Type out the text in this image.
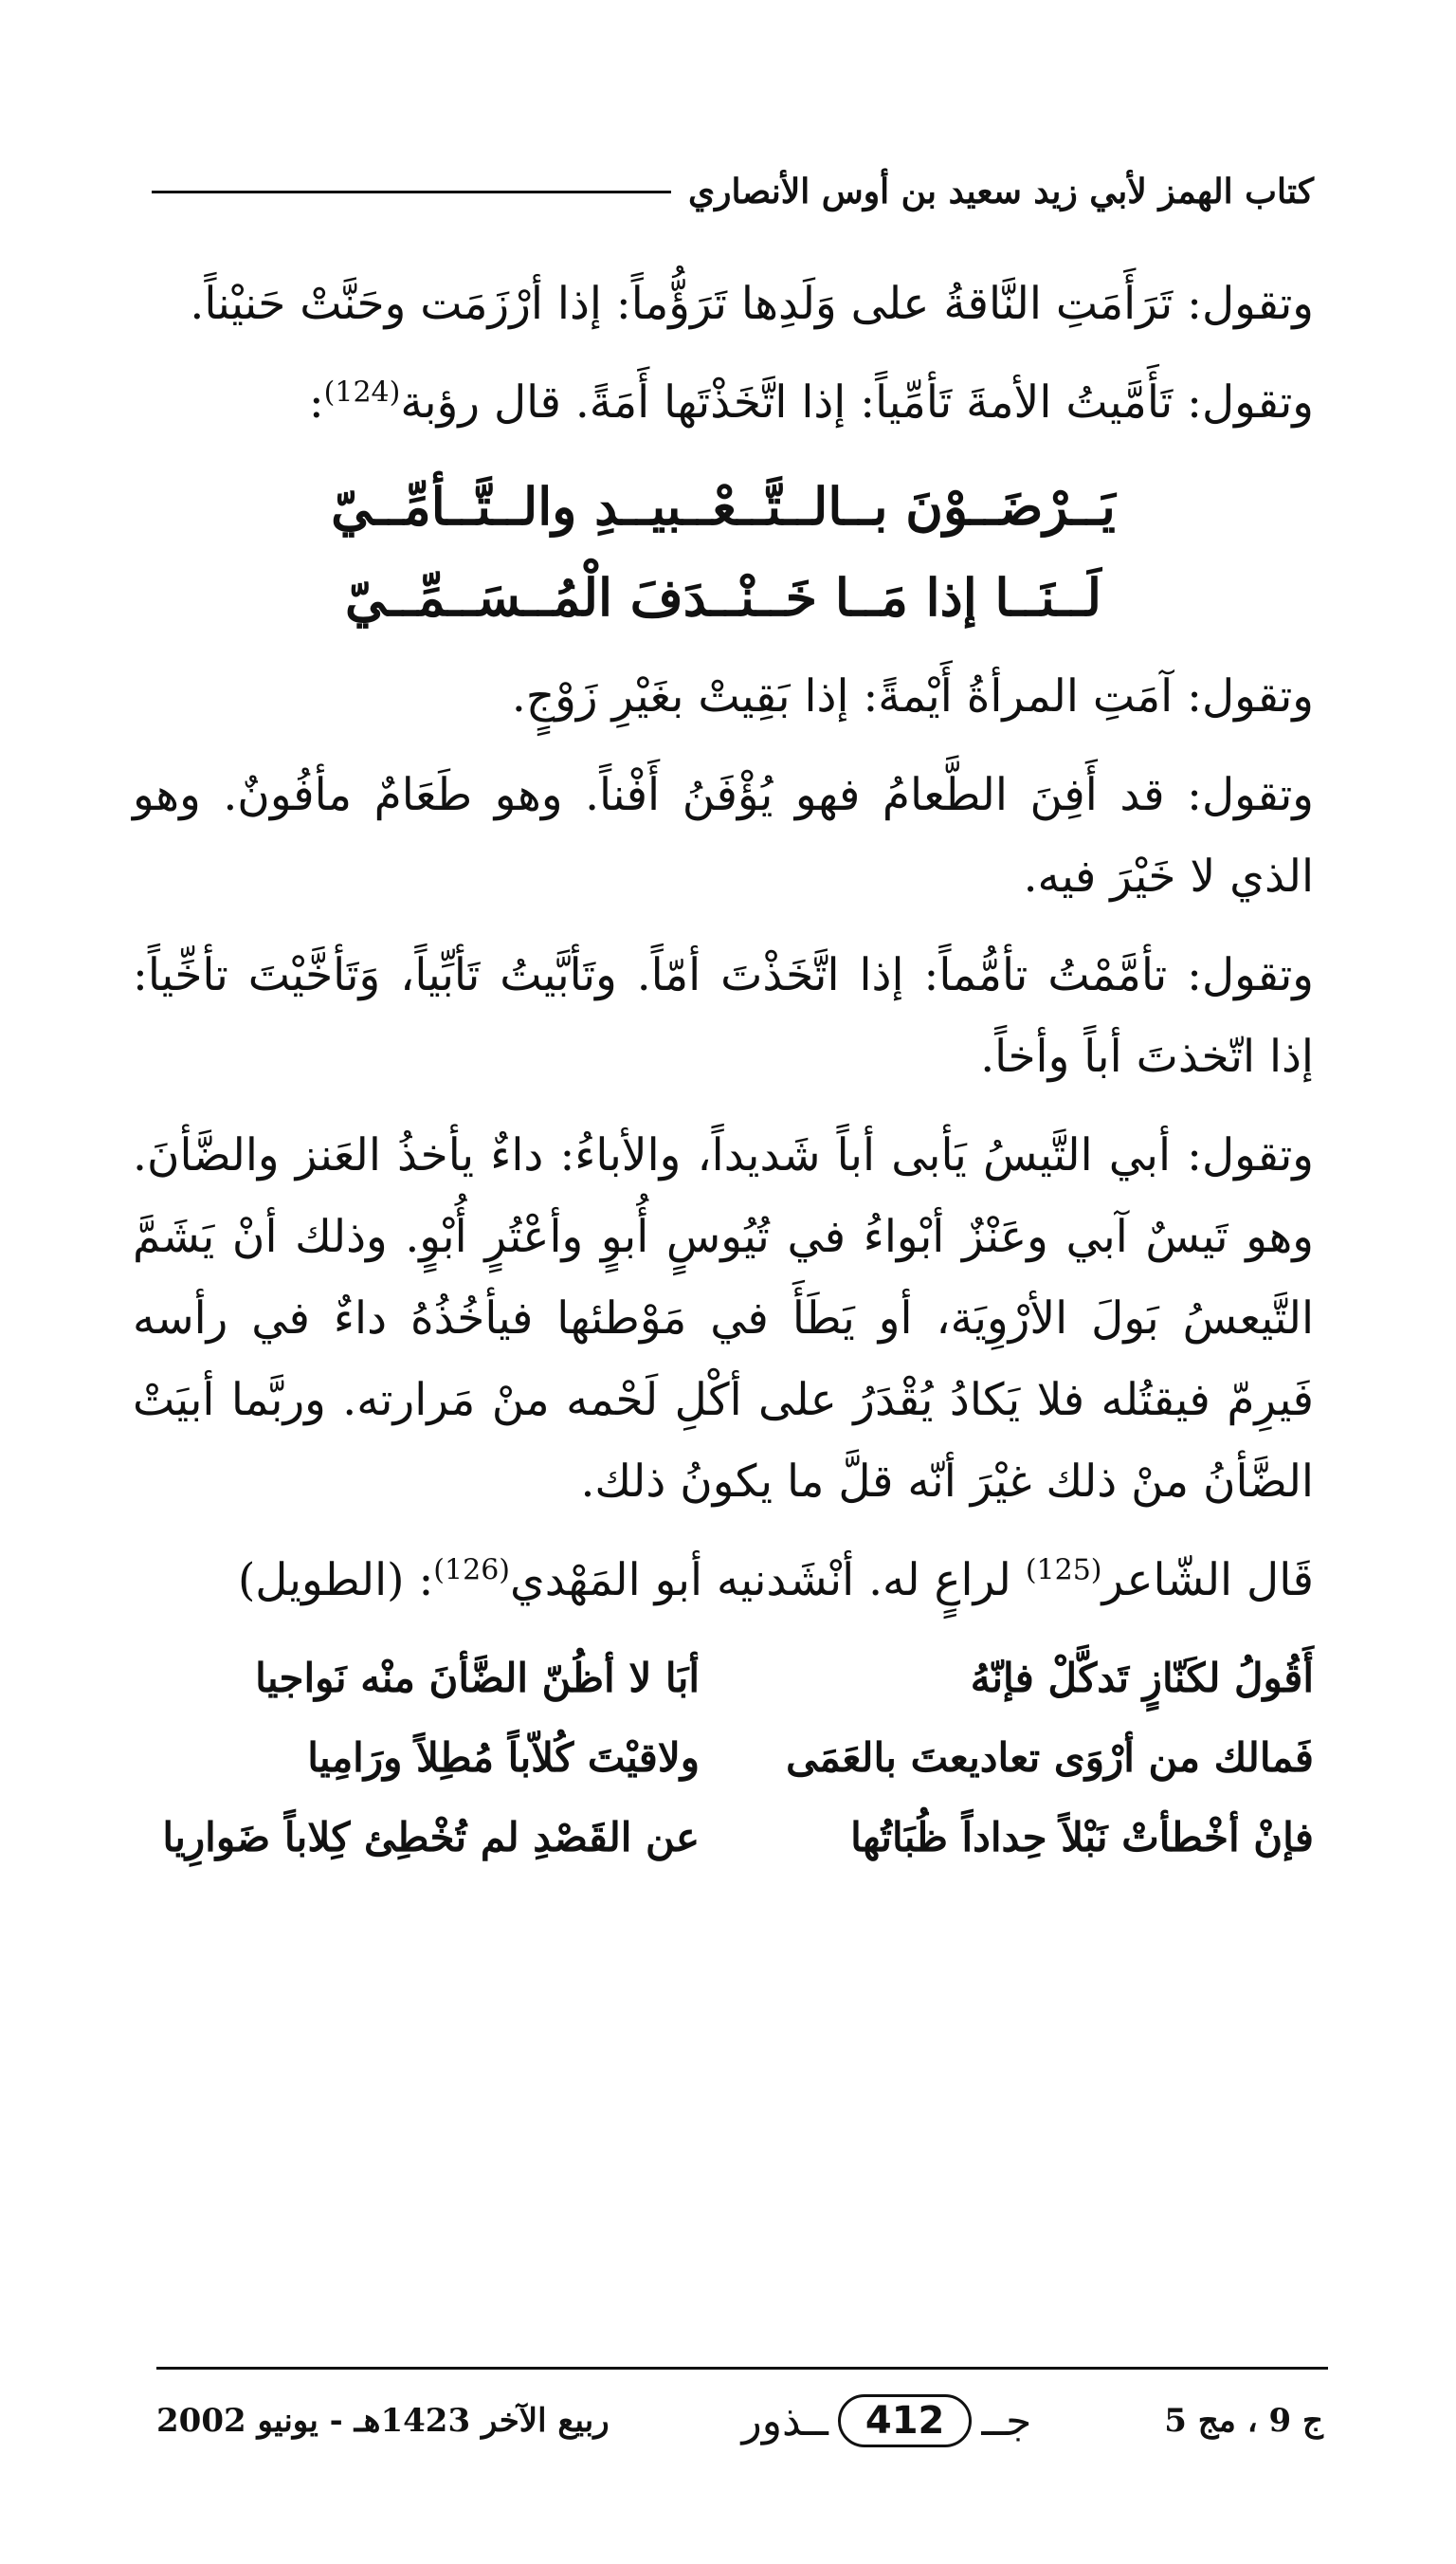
كتاب الهمز لأبي زيد سعيد بن أوس الأنصاري

وتقول: تَرَأَمَتِ النَّاقةُ على وَلَدِها تَرَؤُّماً: إذا أرْزَمَت وحَنَّتْ حَنيْناً.

وتقول: تَأَمَّيتُ الأمةَ تَأمِّياً: إذا اتَّخَذْتَها أَمَةً. قال رؤبة$^{(124)}$:

يَــرْضَــوْنَ بــالــتَّــعْــبيــدِ والــتَّــأمِّــيّ
لَــنَــا إذا مَــا خَــنْــدَفَ الْمُــسَــمِّــيّ

وتقول: آمَتِ المرأةُ أَيْمةً: إذا بَقِيتْ بغَيْرِ زَوْجٍ.

وتقول: قد أَفِنَ الطَّعامُ فهو يُؤْفَنُ أَفْناً. وهو طَعَامٌ مأفُونٌ. وهو الذي لا خَيْرَ فيه.

وتقول: تأمَّمْتُ تأمُّماً: إذا اتَّخَذْتَ أمّاً. وتَأبَّيتُ تَأبِّياً، وَتَأخَّيْتَ تأخِّياً: إذا اتّخذتَ أباً وأخاً.

وتقول: أبي التَّيسُ يَأبى أباً شَديداً، والأباءُ: داءٌ يأخذُ العَنز والضَّأنَ. وهو تَيسٌ آبي وعَنْزٌ أبْواءُ في تُيُوسٍ أُبوٍ وأعْتُرٍ أُبْوٍ. وذلك أنْ يَشَمَّ التَّيعسُ بَولَ الأرْوِيَة، أو يَطَأَ في مَوْطئها فيأخُذُهُ داءٌ في رأسه فَيرِمّ فيقتُله فلا يَكادُ يُقْدَرُ على أكْلِ لَحْمه منْ مَرارته. وربَّما أبيَتْ الضَّأنُ منْ ذلك غيْرَ أنّه قلَّ ما يكونُ ذلك.

قَال الشّاعر$^{(125)}$ لراعٍ له. أنْشَدنيه أبو المَهْدي$^{(126)}$: (الطويل)

أَقُولُ لكَنّازٍ تَدكَّلْ فإنّهُ
أبَا لا أظُنّ الضَّأنَ منْه نَواجيا
فَمالك من أرْوَى تعاديعتَ بالعَمَى
ولاقيْتَ كُلاّباً مُطِلاً ورَامِيا
فإنْ أخْطأتْ نَبْلاً حِداداً ظُبَاتُها
عن القَصْدِ لم تُخْطِئ كِلاباً ضَوارِيا
ج 9 ، مج 5
جــ
412
ــذور
ربيع الآخر 1423هـ - يونيو 2002
